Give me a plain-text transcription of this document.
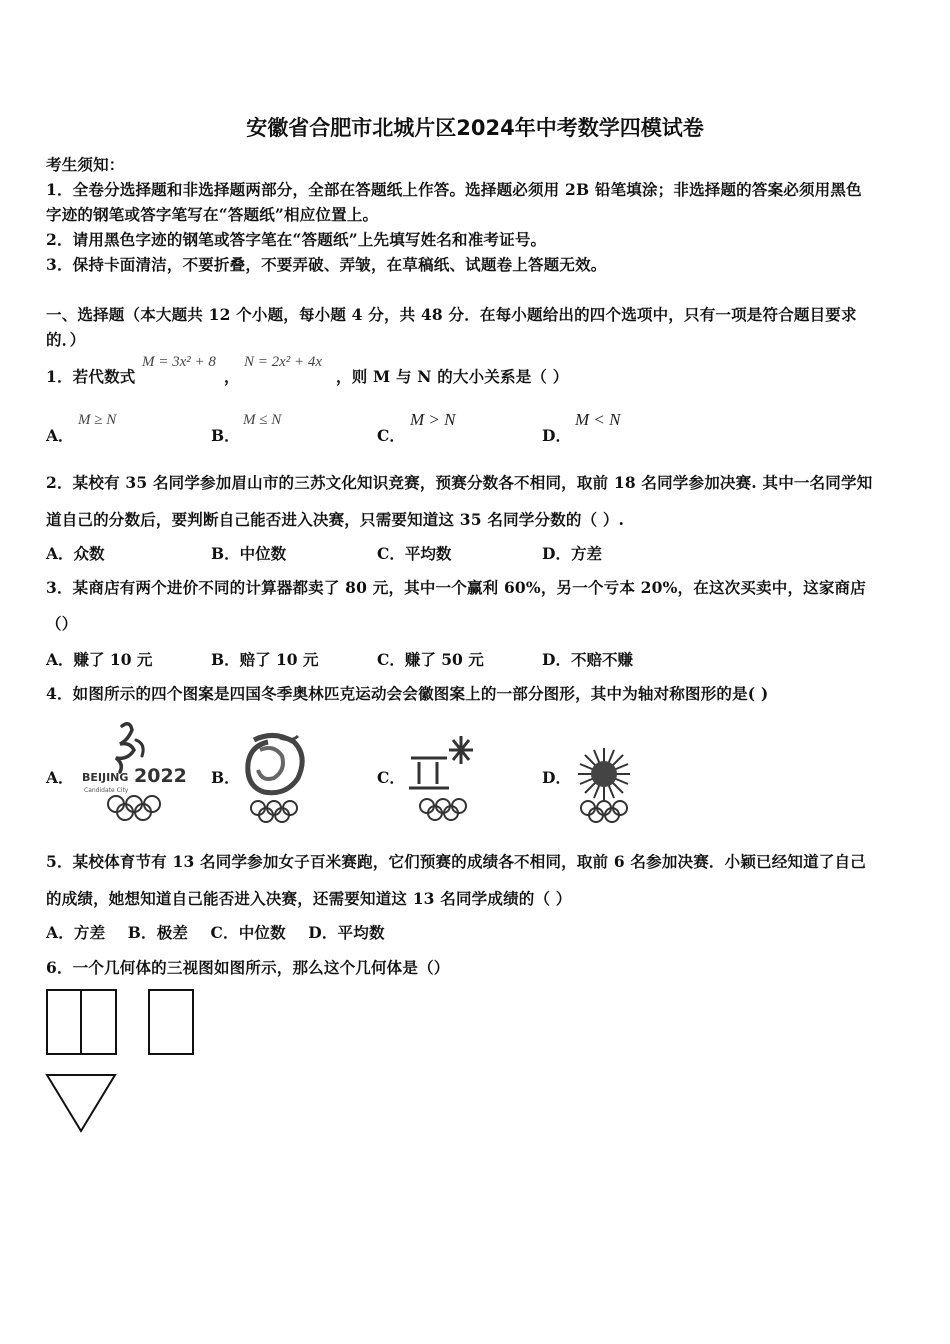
安徽省合肥市北城片区2024年中考数学四模试卷
考生须知：
1．全卷分选择题和非选择题两部分，全部在答题纸上作答。选择题必须用 2B 铅笔填涂；非选择题的答案必须用黑色
字迹的钢笔或答字笔写在“答题纸”相应位置上。
2．请用黑色字迹的钢笔或答字笔在“答题纸”上先填写姓名和准考证号。
3．保持卡面清洁，不要折叠，不要弄破、弄皱，在草稿纸、试题卷上答题无效。
一、选择题（本大题共 12 个小题，每小题 4 分，共 48 分．在每小题给出的四个选项中，只有一项是符合题目要求
的．）
1．若代数式
M = 3x² + 8
，
N = 2x² + 4x
，则 M 与 N 的大小关系是（ ）
A．
M ≥ N
B．
M ≤ N
C．
M > N
D．
M < N
2．某校有 35 名同学参加眉山市的三苏文化知识竞赛，预赛分数各不相同，取前 18 名同学参加决赛. 其中一名同学知
道自己的分数后，要判断自己能否进入决赛，只需要知道这 35 名同学分数的（ ）.
A．众数	B．中位数	C．平均数	D．方差
3．某商店有两个进价不同的计算器都卖了 80 元，其中一个赢利 60%，另一个亏本 20%，在这次买卖中，这家商店
（）
A．赚了 10 元	B．赔了 10 元	C．赚了 50 元	D．不赔不赚
4．如图所示的四个图案是四国冬季奥林匹克运动会会徽图案上的一部分图形，其中为轴对称图形的是( )
A．	B．	C．	D．
BEIJING 2022
Candidate City
5．某校体育节有 13 名同学参加女子百米赛跑，它们预赛的成绩各不相同，取前 6 名参加决赛．小颖已经知道了自己
的成绩，她想知道自己能否进入决赛，还需要知道这 13 名同学成绩的（ ）
A．方差    B．极差    C．中位数    D．平均数
6．一个几何体的三视图如图所示，那么这个几何体是（）
